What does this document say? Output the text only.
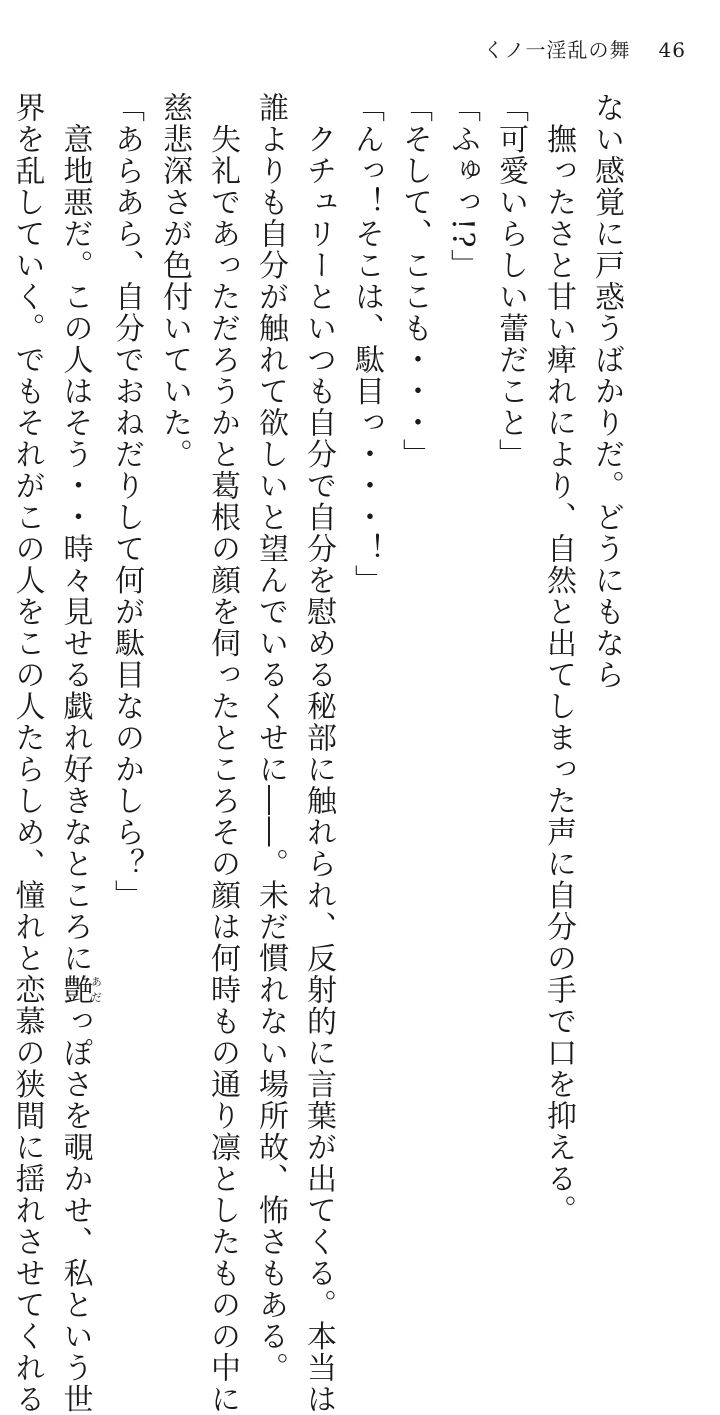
くノ一淫乱の舞 46
ない感覚に戸惑うばかりだ。どうにもなら
　撫ったさと甘い痺れにより、自然と出てしまった声に自分の手で口を抑える。
「可愛いらしい蕾だこと」
「ふゅっ!?」
「そして、ここも・・・」
「んっ！そこは、駄目っ・・・！」
　クチュリーといつも自分で自分を慰める秘部に触れられ、反射的に言葉が出てくる。本当は
誰よりも自分が触れて欲しいと望んでいるくせに――。未だ慣れない場所故、怖さもある。
　失礼であっただろうかと葛根の顔を伺ったところその顔は何時もの通り凛としたものの中に
慈悲深さが色付いていた。
「あらあら、自分でおねだりして何が駄目なのかしら？」
　意地悪だ。この人はそう・・時々見せる戯れ好きなところに艶あだっぽさを覗かせ、私という世
界を乱していく。でもそれがこの人をこの人たらしめ、憧れと恋慕の狭間に揺れさせてくれる
